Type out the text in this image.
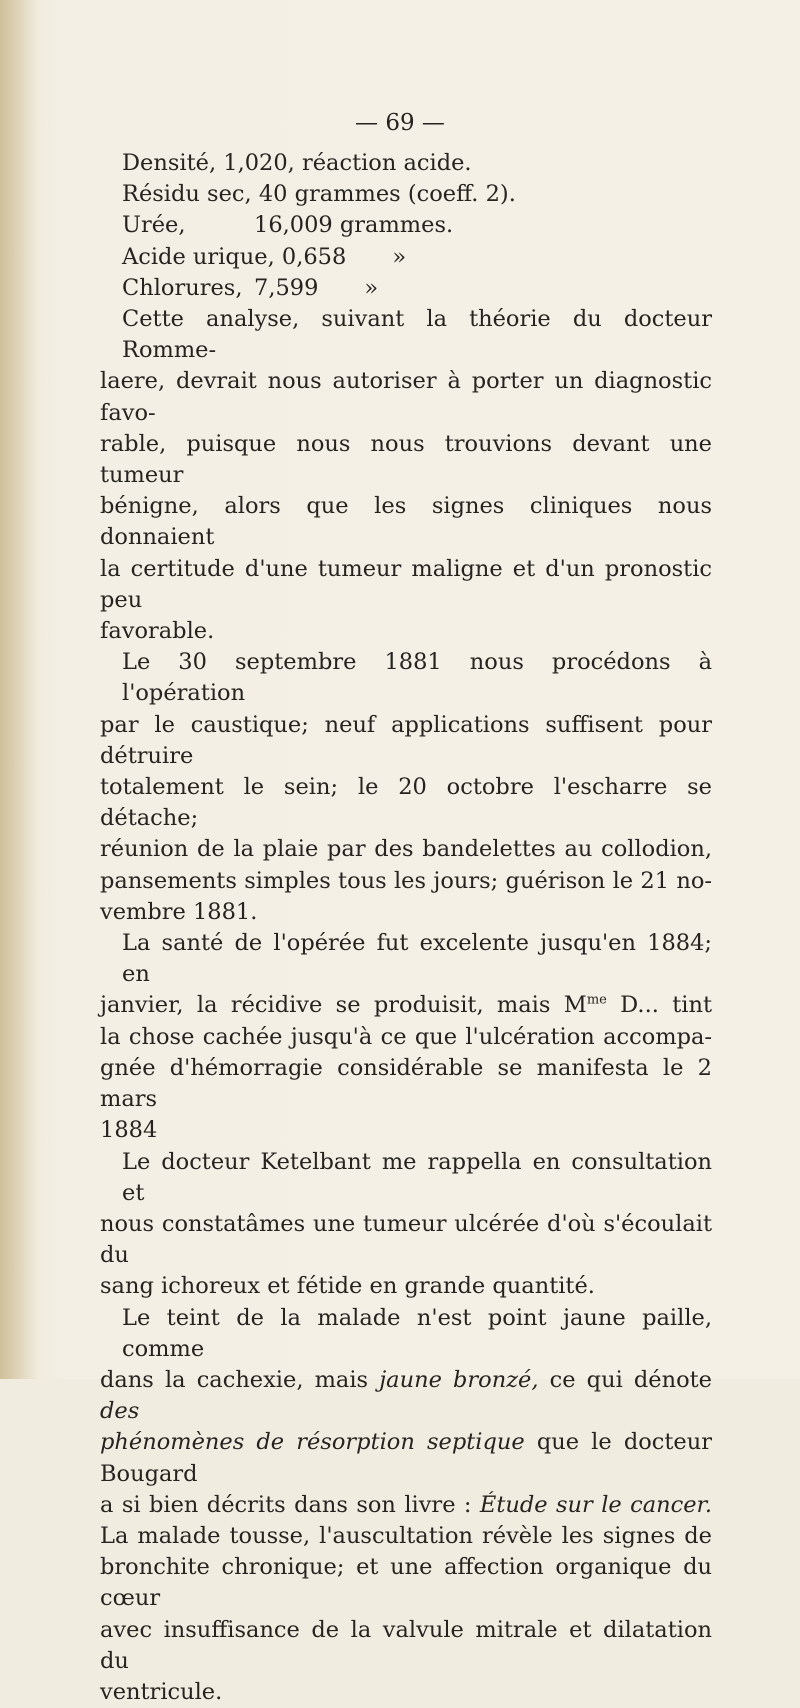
— 69 —
Densité, 1,020, réaction acide.
Résidu sec, 40 grammes (coeff. 2).
Urée,	16,009 grammes.
Acide urique, 0,658 »
Chlorures, 7,599 »
Cette analyse, suivant la théorie du docteur Romme-
laere, devrait nous autoriser à porter un diagnostic favo-
rable, puisque nous nous trouvions devant une tumeur
bénigne, alors que les signes cliniques nous donnaient
la certitude d'une tumeur maligne et d'un pronostic peu
favorable.
Le 30 septembre 1881 nous procédons à l'opération
par le caustique; neuf applications suffisent pour détruire
totalement le sein; le 20 octobre l'escharre se détache;
réunion de la plaie par des bandelettes au collodion,
pansements simples tous les jours; guérison le 21 no-
vembre 1881.
La santé de l'opérée fut excelente jusqu'en 1884; en
janvier, la récidive se produisit, mais $M^{me}$ D... tint
la chose cachée jusqu'à ce que l'ulcération accompa-
gnée d'hémorragie considérable se manifesta le 2 mars
1884
Le docteur Ketelbant me rappella en consultation et
nous constatâmes une tumeur ulcérée d'où s'écoulait du
sang ichoreux et fétide en grande quantité.
Le teint de la malade n'est point jaune paille, comme
dans la cachexie, mais jaune bronzé, ce qui dénote des
phénomènes de résorption septique que le docteur Bougard
a si bien décrits dans son livre : Étude sur le cancer.
La malade tousse, l'auscultation révèle les signes de
bronchite chronique; et une affection organique du cœur
avec insuffisance de la valvule mitrale et dilatation du
ventricule.
